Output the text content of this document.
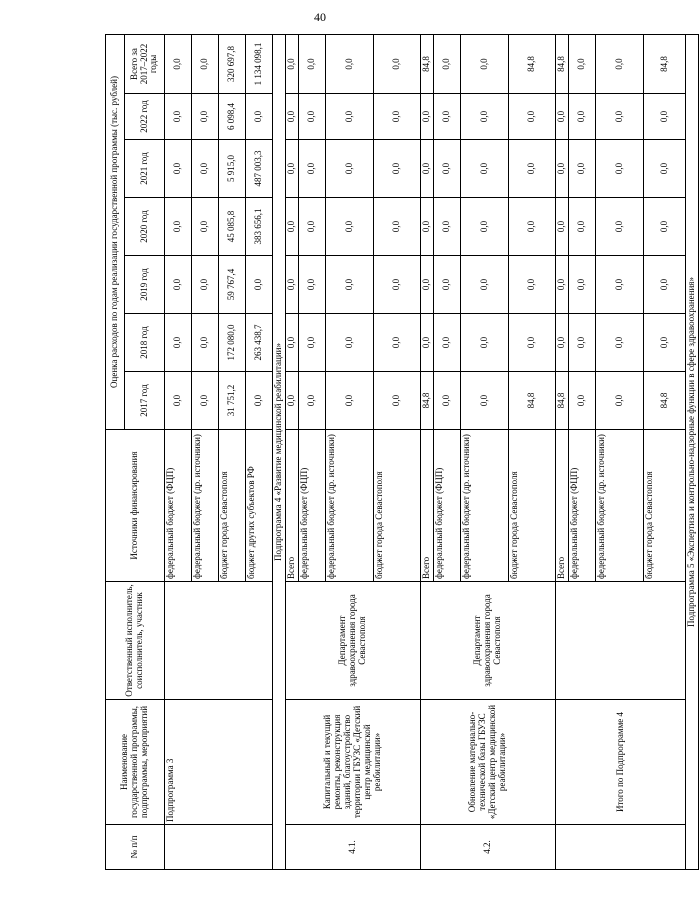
40
№ п/п	Наименование государственной программы, подпрограммы, мероприятий	Ответственный исполнитель, соисполнитель, участник	Источники финансирования	Оценка расходов по годам реализации государственной программы (тыс. рублей)						
				2017 год	2018 год	2019 год	2020 год	2021 год	2022 год	Всего за 2017–2022 годы
	Подпрограмма 3		федеральный бюджет (ФЦП)	0,0	0,0	0,0	0,0	0,0	0,0	0,0
			федеральный бюджет (др. источники)	0,0	0,0	0,0	0,0	0,0	0,0	0,0
			бюджет города Севастополя	31 751,2	172 080,0	59 767,4	45 085,8	5 915,0	6 098,4	320 697,8
			бюджет других субъектов РФ	0,0	263 438,7	0,0	383 656,1	487 003,3	0,0	1 134 098,1
Подпрограмма 4 «Развитие медицинской реабилитации»										
4.1.	Капитальный и текущий ремонты, реконструкция зданий, благоустройство территории ГБУЗС «Детский центр медицинской реабилитации»	Департамент здравоохранения города Севастополя	Всего	0,0	0,0	0,0	0,0	0,0	0,0	0,0
			федеральный бюджет (ФЦП)	0,0	0,0	0,0	0,0	0,0	0,0	0,0
			федеральный бюджет (др. источники)	0,0	0,0	0,0	0,0	0,0	0,0	0,0
			бюджет города Севастополя	0,0	0,0	0,0	0,0	0,0	0,0	0,0
4.2.	Обновление материально-технической базы ГБУЗС «Детский центр медицинской реабилитации»	Департамент здравоохранения города Севастополя	Всего	84,8	0,0	0,0	0,0	0,0	0,0	84,8
			федеральный бюджет (ФЦП)	0,0	0,0	0,0	0,0	0,0	0,0	0,0
			федеральный бюджет (др. источники)	0,0	0,0	0,0	0,0	0,0	0,0	0,0
			бюджет города Севастополя	84,8	0,0	0,0	0,0	0,0	0,0	84,8
	Итого по Подпрограмме 4		Всего	84,8	0,0	0,0	0,0	0,0	0,0	84,8
			федеральный бюджет (ФЦП)	0,0	0,0	0,0	0,0	0,0	0,0	0,0
			федеральный бюджет (др. источники)	0,0	0,0	0,0	0,0	0,0	0,0	0,0
			бюджет города Севастополя	84,8	0,0	0,0	0,0	0,0	0,0	84,8
Подпрограмма 5 «Экспертиза и контрольно-надзорные функции в сфере здравоохранения»										
